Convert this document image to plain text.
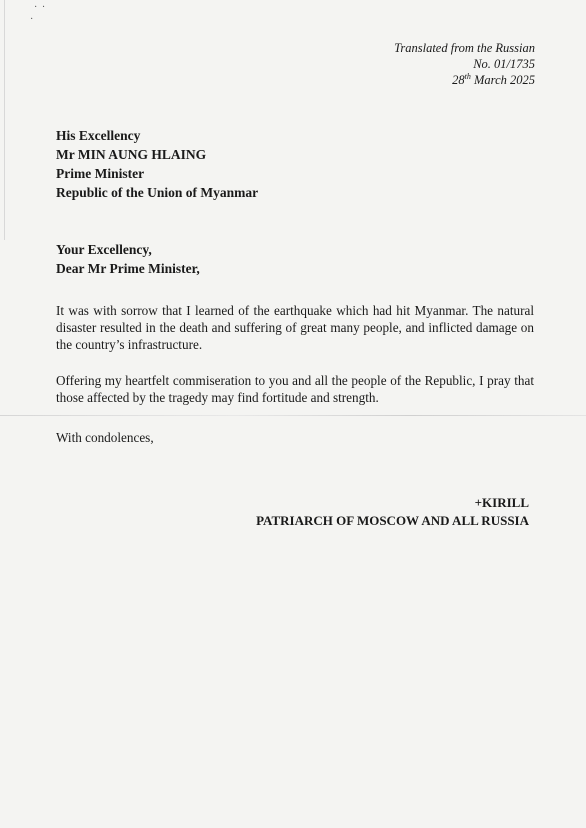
· ·
·
Translated from the Russian
No. 01/1735
28th March 2025
His Excellency
Mr MIN AUNG HLAING
Prime Minister
Republic of the Union of Myanmar
Your Excellency,
Dear Mr Prime Minister,
It was with sorrow that I learned of the earthquake which had hit Myanmar. The natural disaster resulted in the death and suffering of great many people, and inflicted damage on the country’s infrastructure.
Offering my heartfelt commiseration to you and all the people of the Republic, I pray that those affected by the tragedy may find fortitude and strength.
With condolences,
+KIRILL
PATRIARCH OF MOSCOW AND ALL RUSSIA
